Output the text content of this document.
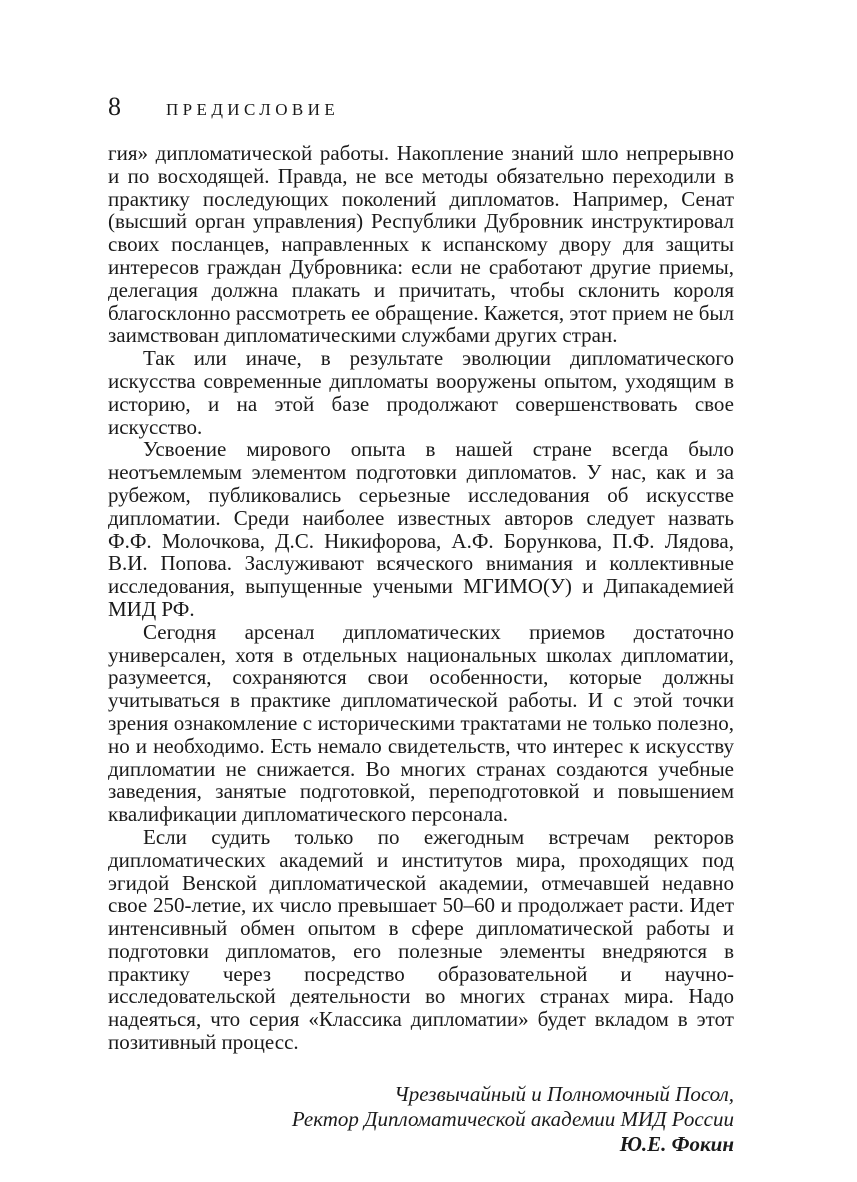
8	ПРЕДИСЛОВИЕ

гия» дипломатической работы. Накопление знаний шло непрерывно и по восходящей. Правда, не все методы обязательно переходили в практику последующих поколений дипломатов. Например, Сенат (высший орган управления) Республики Дубровник инструктировал своих посланцев, направленных к испанскому двору для защиты интересов граждан Дубровника: если не сработают другие приемы, делегация должна плакать и причитать, чтобы склонить короля благосклонно рассмотреть ее обращение. Кажется, этот прием не был заимствован дипломатическими службами других стран.

Так или иначе, в результате эволюции дипломатического искусства современные дипломаты вооружены опытом, уходящим в историю, и на этой базе продолжают совершенствовать свое искусство.

Усвоение мирового опыта в нашей стране всегда было неотъемлемым элементом подготовки дипломатов. У нас, как и за рубежом, публиковались серьезные исследования об искусстве дипломатии. Среди наиболее известных авторов следует назвать Ф.Ф. Молочкова, Д.С. Никифорова, А.Ф. Борункова, П.Ф. Лядова, В.И. Попова. Заслуживают всяческого внимания и коллективные исследования, выпущенные учеными МГИМО(У) и Дипакадемией МИД РФ.

Сегодня арсенал дипломатических приемов достаточно универсален, хотя в отдельных национальных школах дипломатии, разумеется, сохраняются свои особенности, которые должны учитываться в практике дипломатической работы. И с этой точки зрения ознакомление с историческими трактатами не только полезно, но и необходимо. Есть немало свидетельств, что интерес к искусству дипломатии не снижается. Во многих странах создаются учебные заведения, занятые подготовкой, переподготовкой и повышением квалификации дипломатического персонала.

Если судить только по ежегодным встречам ректоров дипломатических академий и институтов мира, проходящих под эгидой Венской дипломатической академии, отмечавшей недавно свое 250-летие, их число превышает 50–60 и продолжает расти. Идет интенсивный обмен опытом в сфере дипломатической работы и подготовки дипломатов, его полезные элементы внедряются в практику через посредство образовательной и научно-исследовательской деятельности во многих странах мира. Надо надеяться, что серия «Классика дипломатии» будет вкладом в этот позитивный процесс.

Чрезвычайный и Полномочный Посол,
Ректор Дипломатической академии МИД России
Ю.Е. Фокин
